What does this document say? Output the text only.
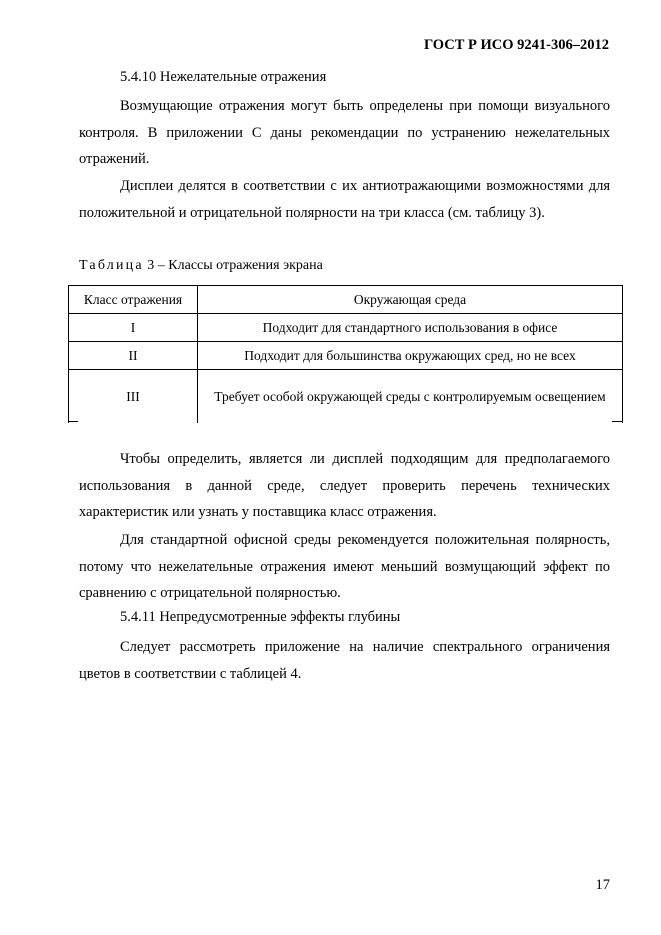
ГОСТ Р ИСО 9241-306–2012

5.4.10 Нежелательные отражения

Возмущающие отражения могут быть определены при помощи визуального контроля. В приложении C даны рекомендации по устранению нежелательных отражений.

Дисплеи делятся в соответствии с их антиотражающими возможностями для положительной и отрицательной полярности на три класса (см. таблицу 3).

Таблица 3 – Классы отражения экрана
Класс отражения	Окружающая среда
I	Подходит для стандартного использования в офисе
II	Подходит для большинства окружающих сред, но не всех
III	Требует особой окружающей среды с контролируемым освещением

Чтобы определить, является ли дисплей подходящим для предполагаемого использования в данной среде, следует проверить перечень технических характеристик или узнать у поставщика класс отражения.

Для стандартной офисной среды рекомендуется положительная полярность, потому что нежелательные отражения имеют меньший возмущающий эффект по сравнению с отрицательной полярностью.

5.4.11 Непредусмотренные эффекты глубины

Следует рассмотреть приложение на наличие спектрального ограничения цветов в соответствии с таблицей 4.

17
